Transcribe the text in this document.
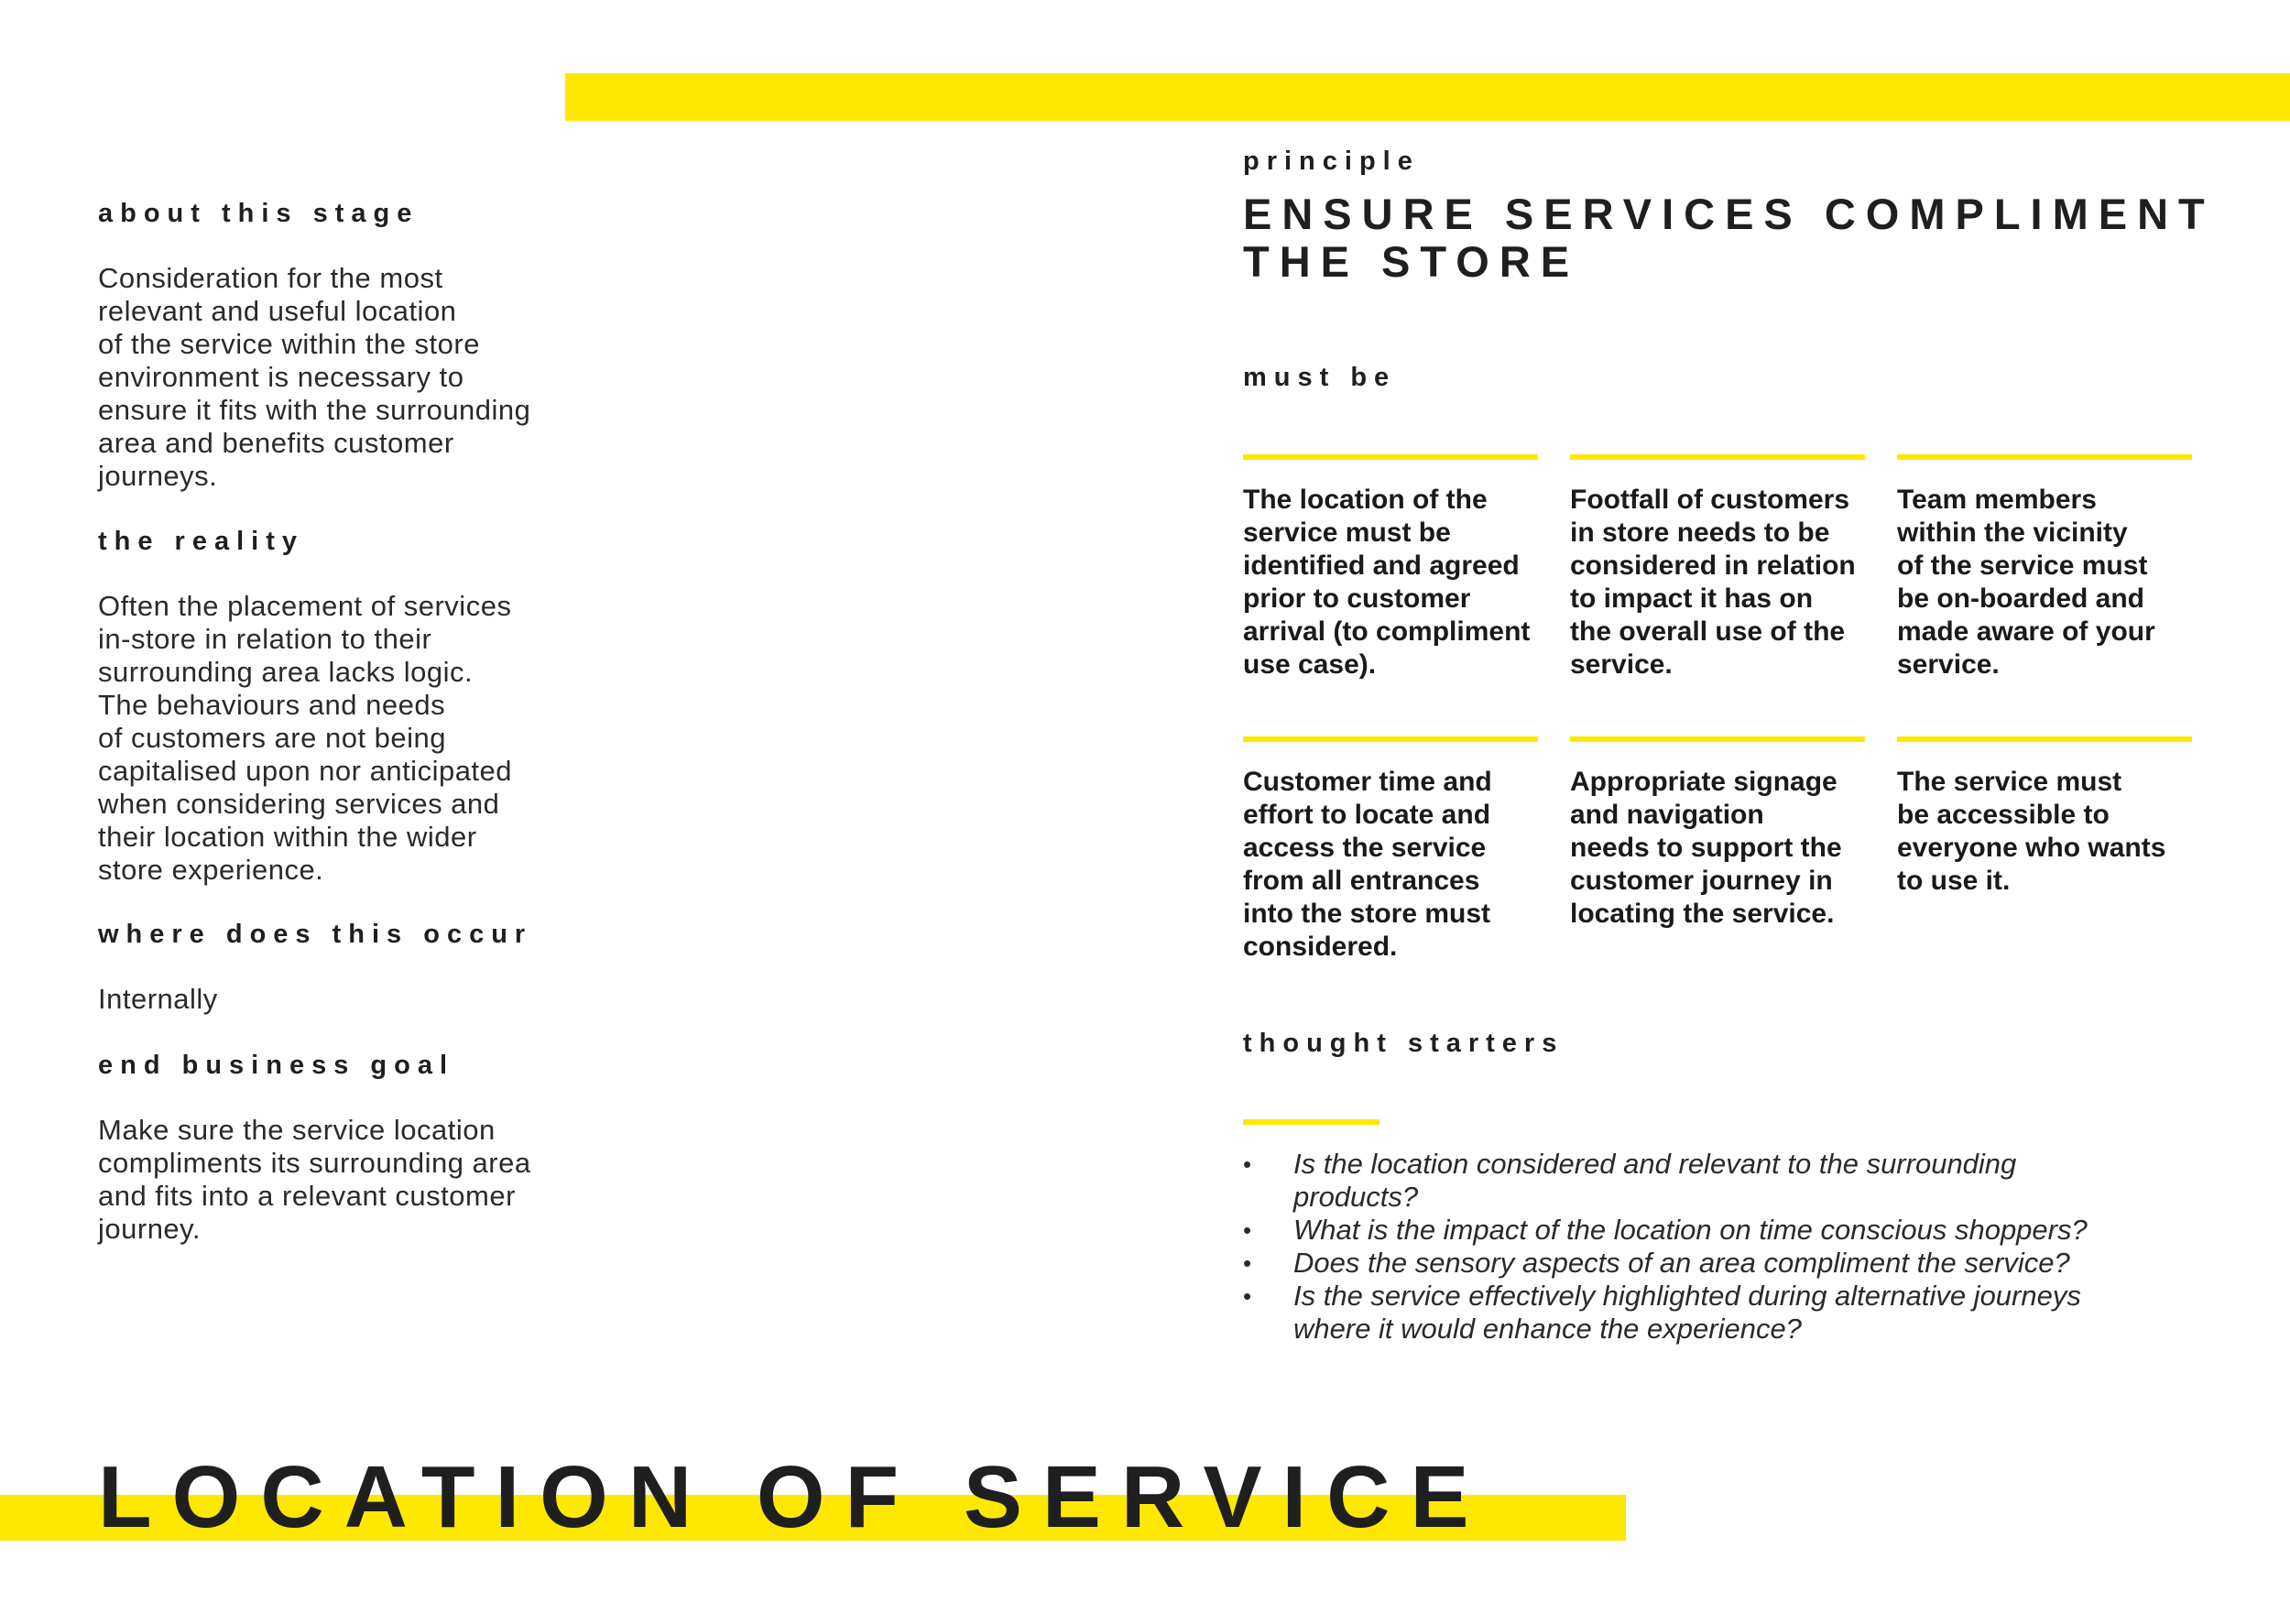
about this stage

Consideration for the most
relevant and useful location
of the service within the store
environment is necessary to
ensure it fits with the surrounding
area and benefits customer
journeys.

the reality

Often the placement of services
in-store in relation to their
surrounding area lacks logic.
The behaviours and needs
of customers are not being
capitalised upon nor anticipated
when considering services and
their location within the wider
store experience.

where does this occur

Internally

end business goal

Make sure the service location
compliments its surrounding area
and fits into a relevant customer
journey.

principle
ENSURE SERVICES COMPLIMENT
THE STORE
must be
The location of the
service must be
identified and agreed
prior to customer
arrival (to compliment
use case).
Footfall of customers
in store needs to be
considered in relation
to impact it has on
the overall use of the
service.
Team members
within the vicinity
of the service must
be on-boarded and
made aware of your
service.
Customer time and
effort to locate and
access the service
from all entrances
into the store must
considered.
Appropriate signage
and navigation
needs to support the
customer journey in
locating the service.
The service must
be accessible to
everyone who wants
to use it.
thought starters
• Is the location considered and relevant to the surrounding
products?
• What is the impact of the location on time conscious shoppers?
• Does the sensory aspects of an area compliment the service?
• Is the service effectively highlighted during alternative journeys
where it would enhance the experience?
LOCATION OF SERVICE
